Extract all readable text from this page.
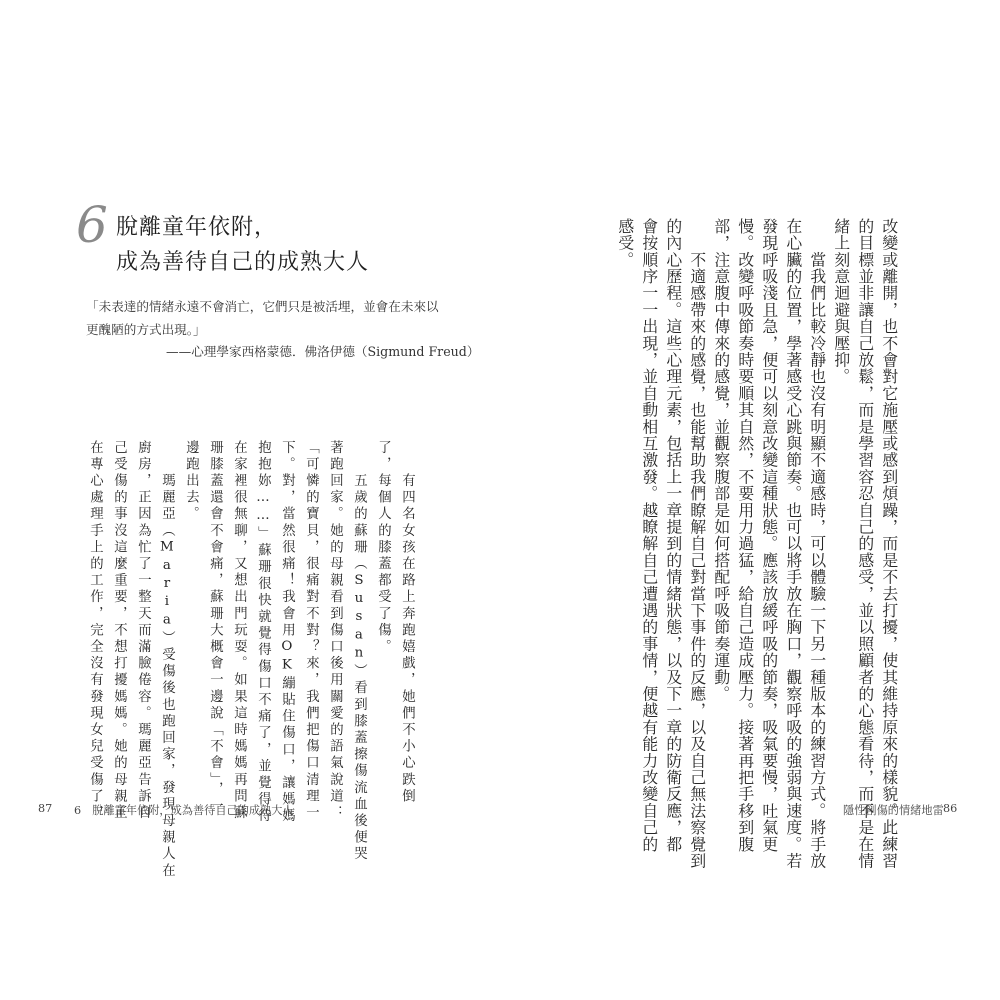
6 脫離童年依附，
成為善待自己的成熟大人
「未表達的情緒永遠不會消亡，它們只是被活埋，並會在未來以
更醜陋的方式出現。」
——心理學家西格蒙德．佛洛伊德（Sigmund Freud）
　　有四名女孩在路上奔跑嬉戲，她們不小心跌倒
了，每個人的膝蓋都受了傷。
　　五歲的蘇珊（Susan）看到膝蓋擦傷流血後便哭
著跑回家。她的母親看到傷口後用關愛的語氣說道：
「可憐的寶貝，很痛對不對？來，我們把傷口清理一
下。對，當然很痛！我會用OK繃貼住傷口，讓媽媽
抱抱妳……」蘇珊很快就覺得傷口不痛了，並覺得待
在家裡很無聊，又想出門玩耍。如果這時媽媽再問蘇
珊膝蓋還會不會痛，蘇珊大概會一邊說「不會」，一
邊跑出去。
　　瑪麗亞（Maria）受傷後也跑回家，發現母親人在
廚房，正因為忙了一整天而滿臉倦容。瑪麗亞告訴自
己受傷的事沒這麼重要，不想打擾媽媽。她的母親正
在專心處理手上的工作，完全沒有發現女兒受傷了，	改變或離開，也不會對它施壓或感到煩躁，而是不去打擾，使其維持原來的樣貌。此練習
的目標並非讓自己放鬆，而是學習容忍自己的感受，並以照顧者的心態看待，而不是在情
緒上刻意迴避與壓抑。
　　當我們比較冷靜也沒有明顯不適感時，可以體驗一下另一種版本的練習方式。將手放
在心臟的位置，學著感受心跳與節奏。也可以將手放在胸口，觀察呼吸的強弱與速度。若
發現呼吸淺且急，便可以刻意改變這種狀態。應該放緩呼吸的節奏，吸氣要慢，吐氣更
慢。改變呼吸節奏時要順其自然，不要用力過猛，給自己造成壓力。接著再把手移到腹
部，注意腹中傳來的感覺，並觀察腹部是如何搭配呼吸節奏運動。
　　不適感帶來的感覺，也能幫助我們瞭解自己對當下事件的反應，以及自己無法察覺到
的內心歷程。這些心理元素，包括上一章提到的情緒狀態，以及下一章的防衛反應，都
會按順序一一出現，並自動相互激發。越瞭解自己遭遇的事情，便越有能力改變自己的
感受。
87 6　脫離童年依附，成為善待自己的成熟大人	隱性創傷的情緒地雷 86
